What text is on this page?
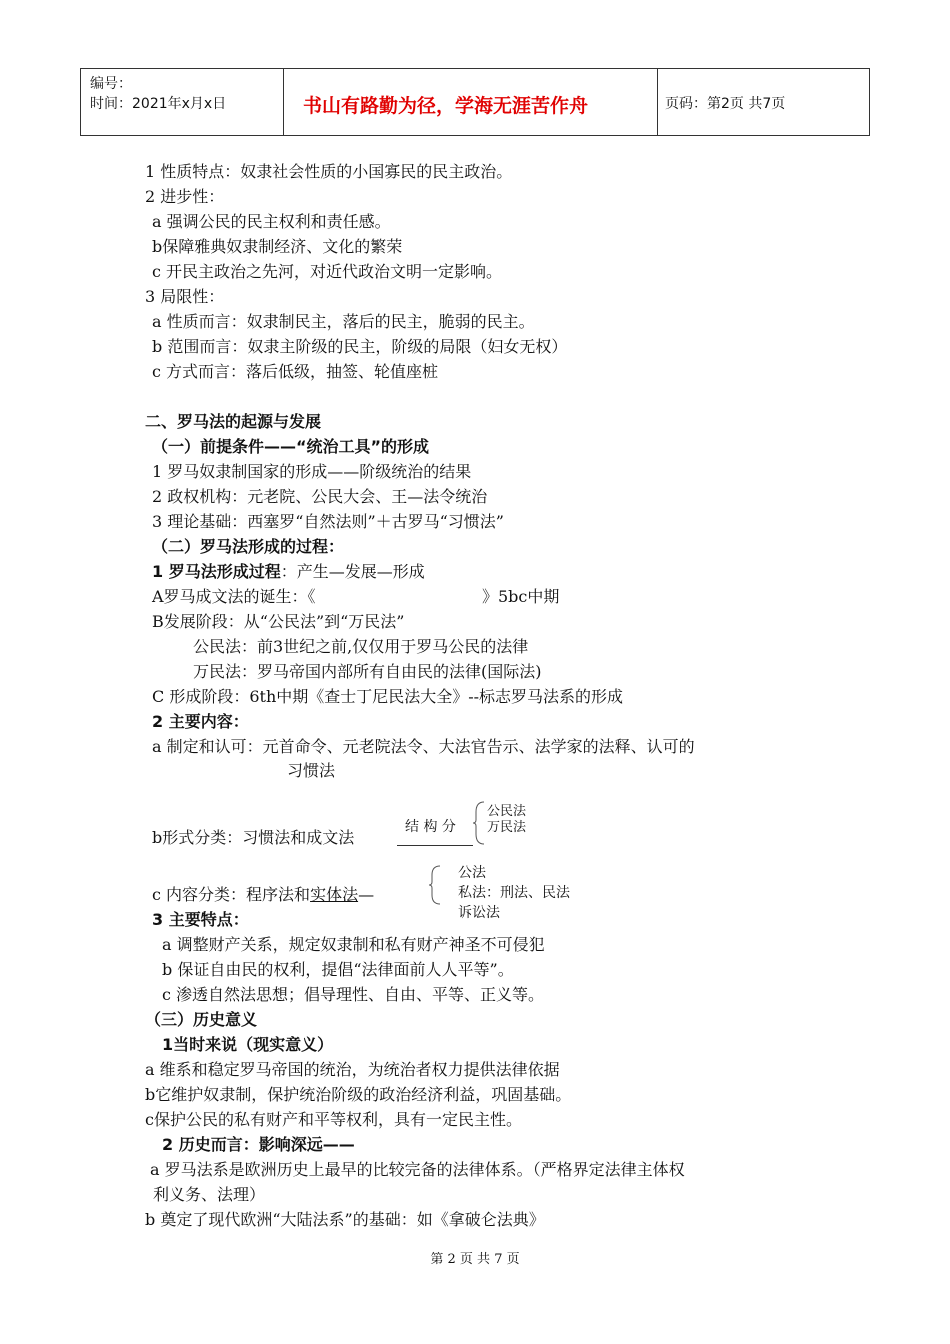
编号：
时间：2021年x月x日	书山有路勤为径，学海无涯苦作舟	页码：第2页 共7页
1 性质特点：奴隶社会性质的小国寡民的民主政治。
2 进步性：
a 强调公民的民主权利和责任感。
b保障雅典奴隶制经济、文化的繁荣
c 开民主政治之先河，对近代政治文明一定影响。
3 局限性：
a 性质而言：奴隶制民主，落后的民主，脆弱的民主。
b 范围而言：奴隶主阶级的民主，阶级的局限（妇女无权）
c 方式而言：落后低级，抽签、轮值座桩
二、罗马法的起源与发展
（一）前提条件——“统治工具”的形成
1 罗马奴隶制国家的形成——阶级统治的结果
2 政权机构：元老院、公民大会、王—法令统治
3 理论基础：西塞罗“自然法则”＋古罗马“习惯法”
（二）罗马法形成的过程：
1 罗马法形成过程：产生—发展—形成
A罗马成文法的诞生：《	》5bc中期
B发展阶段：从“公民法”到“万民法”
公民法：前3世纪之前,仅仅用于罗马公民的法律
万民法：罗马帝国内部所有自由民的法律(国际法)
C 形成阶段：6th中期《查士丁尼民法大全》--标志罗马法系的形成
2 主要内容：
a 制定和认可：元首命令、元老院法令、大法官告示、法学家的法释、认可的
习惯法
b形式分类：习惯法和成文法
结 构 分
公民法
万民法
c 内容分类：程序法和实体法—
公法
私法：刑法、民法
诉讼法
3 主要特点：
a 调整财产关系，规定奴隶制和私有财产神圣不可侵犯
b 保证自由民的权利，提倡“法律面前人人平等”。
c 渗透自然法思想；倡导理性、自由、平等、正义等。
（三）历史意义
1当时来说（现实意义）
a 维系和稳定罗马帝国的统治，为统治者权力提供法律依据
b它维护奴隶制，保护统治阶级的政治经济利益，巩固基础。
c保护公民的私有财产和平等权利，具有一定民主性。
2 历史而言：影响深远——
a 罗马法系是欧洲历史上最早的比较完备的法律体系。（严格界定法律主体权
利义务、法理）
b 奠定了现代欧洲“大陆法系”的基础：如《拿破仑法典》
第 2 页 共 7 页
